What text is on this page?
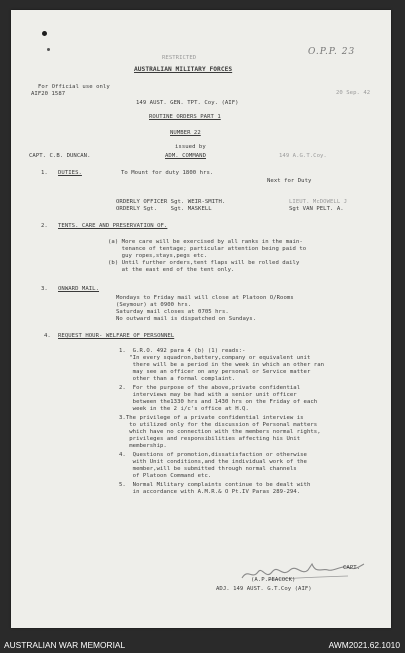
O.P.P. 23
RESTRICTED
AUSTRALIAN MILITARY FORCES
For Official use only
AIF20 1587	20 Sep. 42
149 AUST. GEN. TPT. Coy. (AIF)
ROUTINE ORDERS PART 1
NUMBER 22
issued by
CAPT. C.B. DUNCAN.	ADM. COMMAND	149 A.G.T.Coy.
1. DUTIES.	To Mount for duty 1800 hrs.
Next for Duty
ORDERLY OFFICER Sgt. WEIR-SMITH.	LIEUT. McDOWELL J
ORDERLY Sgt.    Sgt. MASKELL	Sgt VAN PELT. A.
2. TENTS. CARE AND PRESERVATION OF.
(a) More care will be exercised by all ranks in the main-
tenance of tentage; particular attention being paid to
guy ropes,stays,pegs etc.
(b) Until further orders,tent flaps will be rolled daily
at the east end of the tent only.
3. ONWARD MAIL.
Mondays to Friday mail will close at Platoon O/Rooms
(Seymour) at 0900 hrs.
Saturday mail closes at 0705 hrs.
No outward mail is dispatched on Sundays.
4. REQUEST HOUR- WELFARE OF PERSONNEL
1.  G.R.O. 492 para 4 (b) (1) reads:-
"In every squadron,battery,company or equivalent unit
there will be a period in the week in which an other ran
may see an officer on any personal or Service matter
other than a formal complaint.
2.  For the purpose of the above,private confidential
interviews may be had with a senior unit officer
between the1330 hrs and 1430 hrs on the Friday of each
week in the 2 i/c's office at H.Q.
3.The privilege of a private confidential interview is
to utilized only for the discussion of Personal matters
which have no connection with the members normal rights,
privileges and responsibilities affecting his Unit
membership.
4.  Questions of promotion,dissatisfaction or otherwise
with Unit conditions,and the individual work of the
member,will be submitted through normal channels
of Platoon Command etc.
5.  Normal Military complaints continue to be dealt with
in accordance with A.M.R.& O Pt.IV Paras 289-294.
CAPT.
(A.P.PEACOCK)
ADJ. 149 AUST. G.T.Coy (AIF)
AUSTRALIAN WAR MEMORIAL	AWM2021.62.1010
